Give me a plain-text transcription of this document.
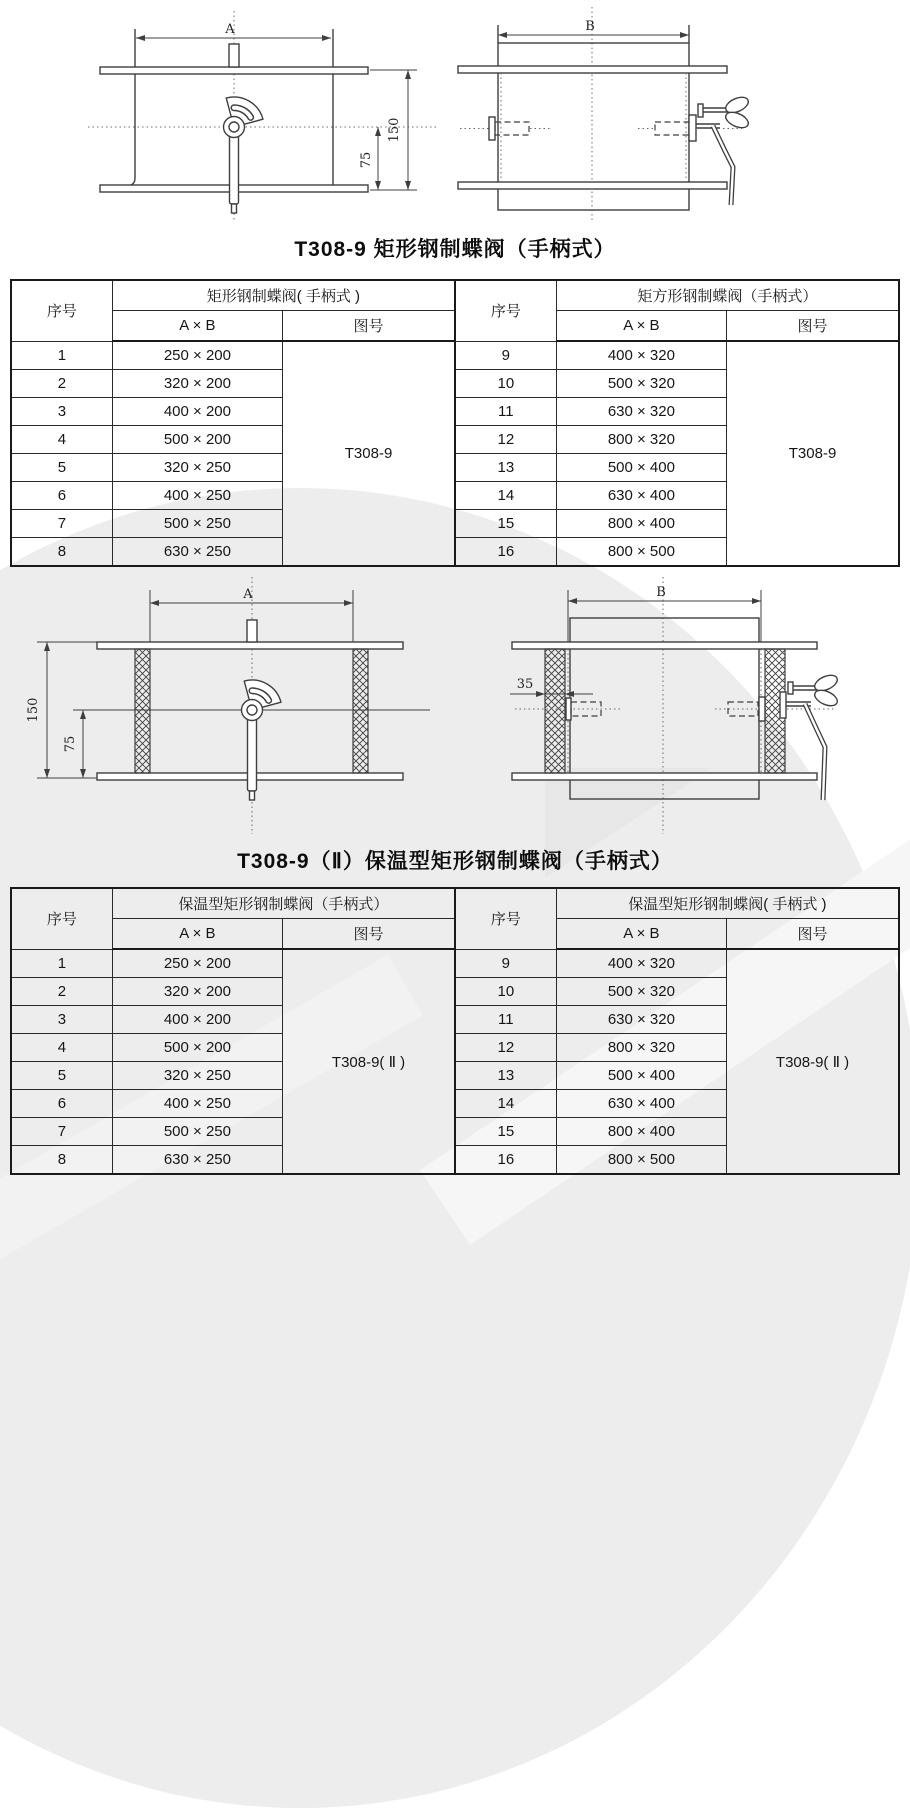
A
150
75
B
T308-9 矩形钢制蝶阀（手柄式）
序号	矩形钢制蝶阀( 手柄式 )		序号	矩方形钢制蝶阀（手柄式）	
	A × B	图号		A × B	图号
1	250 × 200	T308-9	9	400 × 320	T308-9
2	320 × 200		10	500 × 320	
3	400 × 200		11	630 × 320	
4	500 × 200		12	800 × 320	
5	320 × 250		13	500 × 400	
6	400 × 250		14	630 × 400	
7	500 × 250		15	800 × 400	
8	630 × 250		16	800 × 500	
A
150
75
B
35
T308-9（Ⅱ）保温型矩形钢制蝶阀（手柄式）
序号	保温型矩形钢制蝶阀（手柄式）		序号	保温型矩形钢制蝶阀( 手柄式 )	
	A × B	图号		A × B	图号
1	250 × 200	T308-9( Ⅱ )	9	400 × 320	T308-9( Ⅱ )
2	320 × 200		10	500 × 320	
3	400 × 200		11	630 × 320	
4	500 × 200		12	800 × 320	
5	320 × 250		13	500 × 400	
6	400 × 250		14	630 × 400	
7	500 × 250		15	800 × 400	
8	630 × 250		16	800 × 500	
